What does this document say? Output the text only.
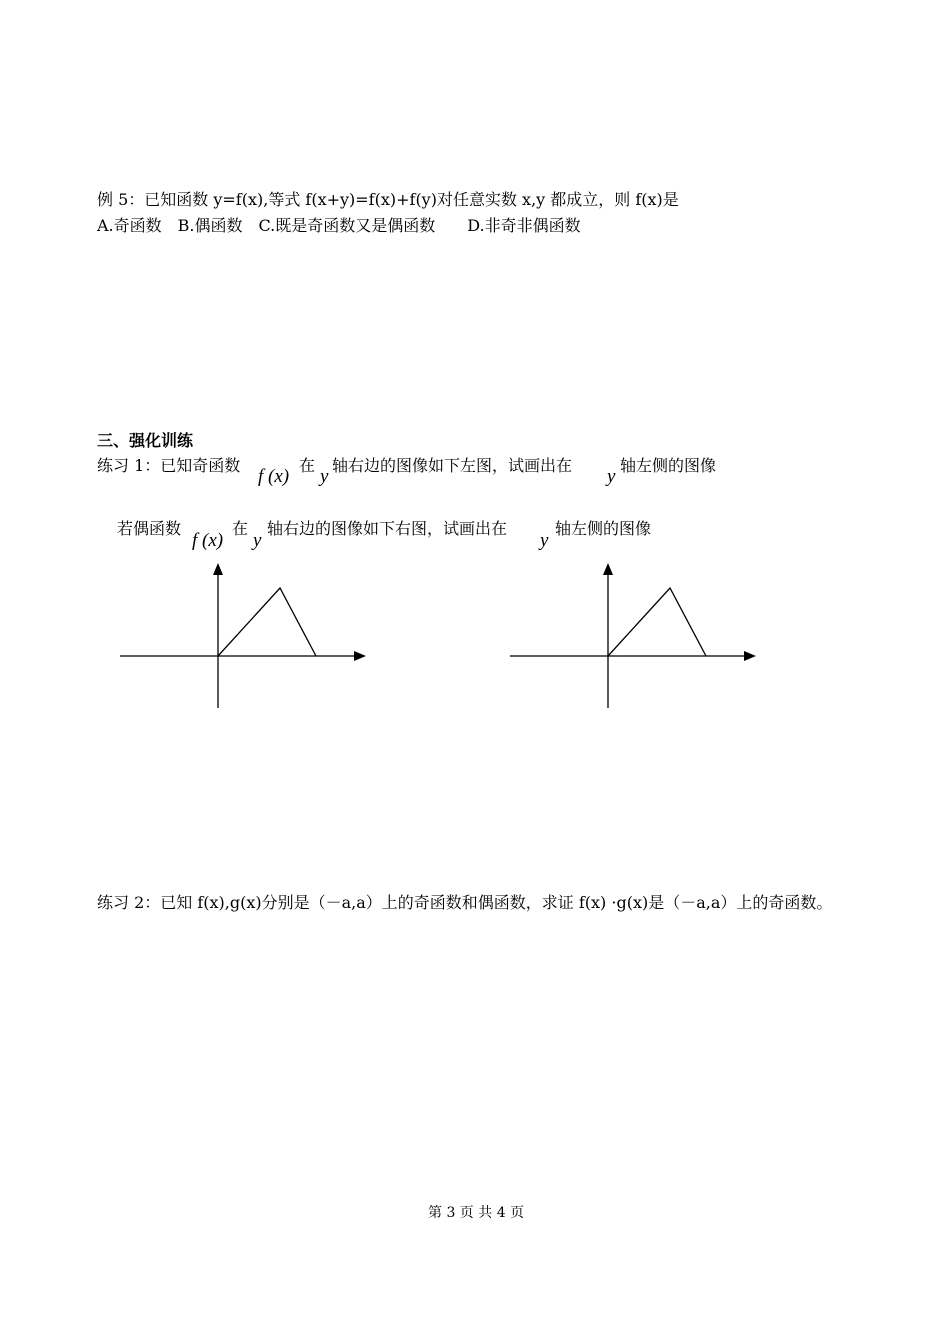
例 5：已知函数 y=f(x),等式 f(x+y)=f(x)+f(y)对任意实数 x,y 都成立，则 f(x)是
A.奇函数　B.偶函数　C.既是奇函数又是偶函数　　D.非奇非偶函数
三、强化训练
练习 1：已知奇函数
f (x)
在
y
轴右边的图像如下左图，试画出在
y
轴左侧的图像
若偶函数
f (x)
在
y
轴右边的图像如下右图，试画出在
y
轴左侧的图像
练习 2：已知 f(x),g(x)分别是（－a,a）上的奇函数和偶函数，求证 f(x) ·g(x)是（－a,a）上的奇函数。
第 3 页 共 4 页
